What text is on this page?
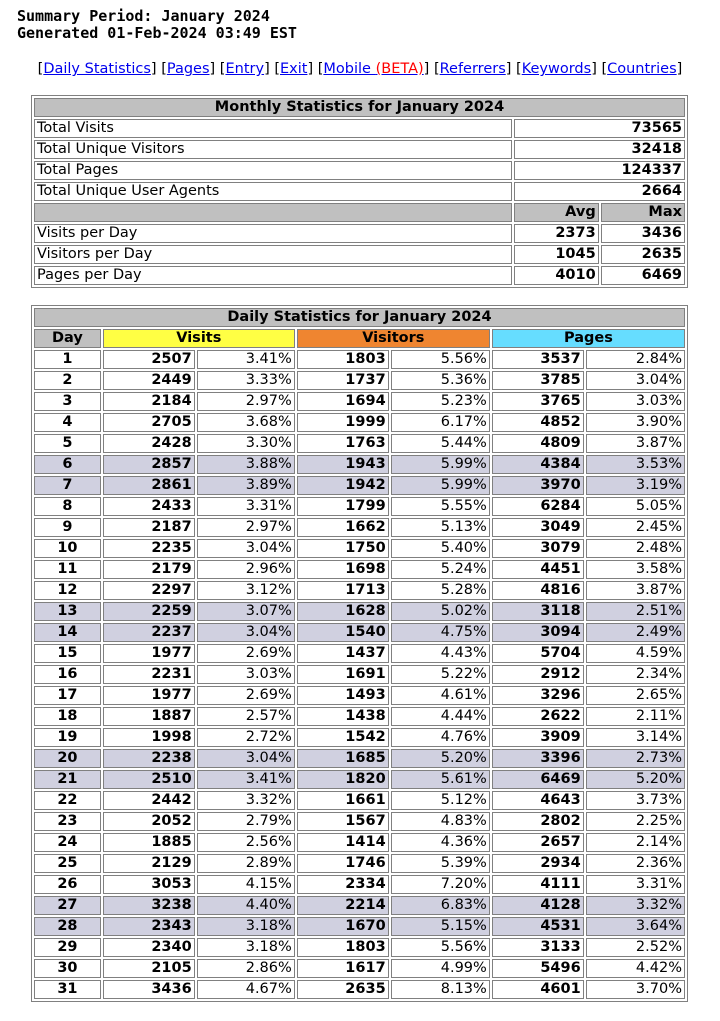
Summary Period: January 2024
Generated 01-Feb-2024 03:49 EST
[Daily Statistics] [Pages] [Entry] [Exit] [Mobile (BETA)] [Referrers] [Keywords] [Countries]
Monthly Statistics for January 2024		
Total Visits	73565	
Total Unique Visitors	32418	
Total Pages	124337	
Total Unique User Agents	2664	
	Avg	Max
Visits per Day	2373	3436
Visitors per Day	1045	2635
Pages per Day	4010	6469
Daily Statistics for January 2024						
Day	Visits		Visitors		Pages	
1	2507	3.41%	1803	5.56%	3537	2.84%
2	2449	3.33%	1737	5.36%	3785	3.04%
3	2184	2.97%	1694	5.23%	3765	3.03%
4	2705	3.68%	1999	6.17%	4852	3.90%
5	2428	3.30%	1763	5.44%	4809	3.87%
6	2857	3.88%	1943	5.99%	4384	3.53%
7	2861	3.89%	1942	5.99%	3970	3.19%
8	2433	3.31%	1799	5.55%	6284	5.05%
9	2187	2.97%	1662	5.13%	3049	2.45%
10	2235	3.04%	1750	5.40%	3079	2.48%
11	2179	2.96%	1698	5.24%	4451	3.58%
12	2297	3.12%	1713	5.28%	4816	3.87%
13	2259	3.07%	1628	5.02%	3118	2.51%
14	2237	3.04%	1540	4.75%	3094	2.49%
15	1977	2.69%	1437	4.43%	5704	4.59%
16	2231	3.03%	1691	5.22%	2912	2.34%
17	1977	2.69%	1493	4.61%	3296	2.65%
18	1887	2.57%	1438	4.44%	2622	2.11%
19	1998	2.72%	1542	4.76%	3909	3.14%
20	2238	3.04%	1685	5.20%	3396	2.73%
21	2510	3.41%	1820	5.61%	6469	5.20%
22	2442	3.32%	1661	5.12%	4643	3.73%
23	2052	2.79%	1567	4.83%	2802	2.25%
24	1885	2.56%	1414	4.36%	2657	2.14%
25	2129	2.89%	1746	5.39%	2934	2.36%
26	3053	4.15%	2334	7.20%	4111	3.31%
27	3238	4.40%	2214	6.83%	4128	3.32%
28	2343	3.18%	1670	5.15%	4531	3.64%
29	2340	3.18%	1803	5.56%	3133	2.52%
30	2105	2.86%	1617	4.99%	5496	4.42%
31	3436	4.67%	2635	8.13%	4601	3.70%
